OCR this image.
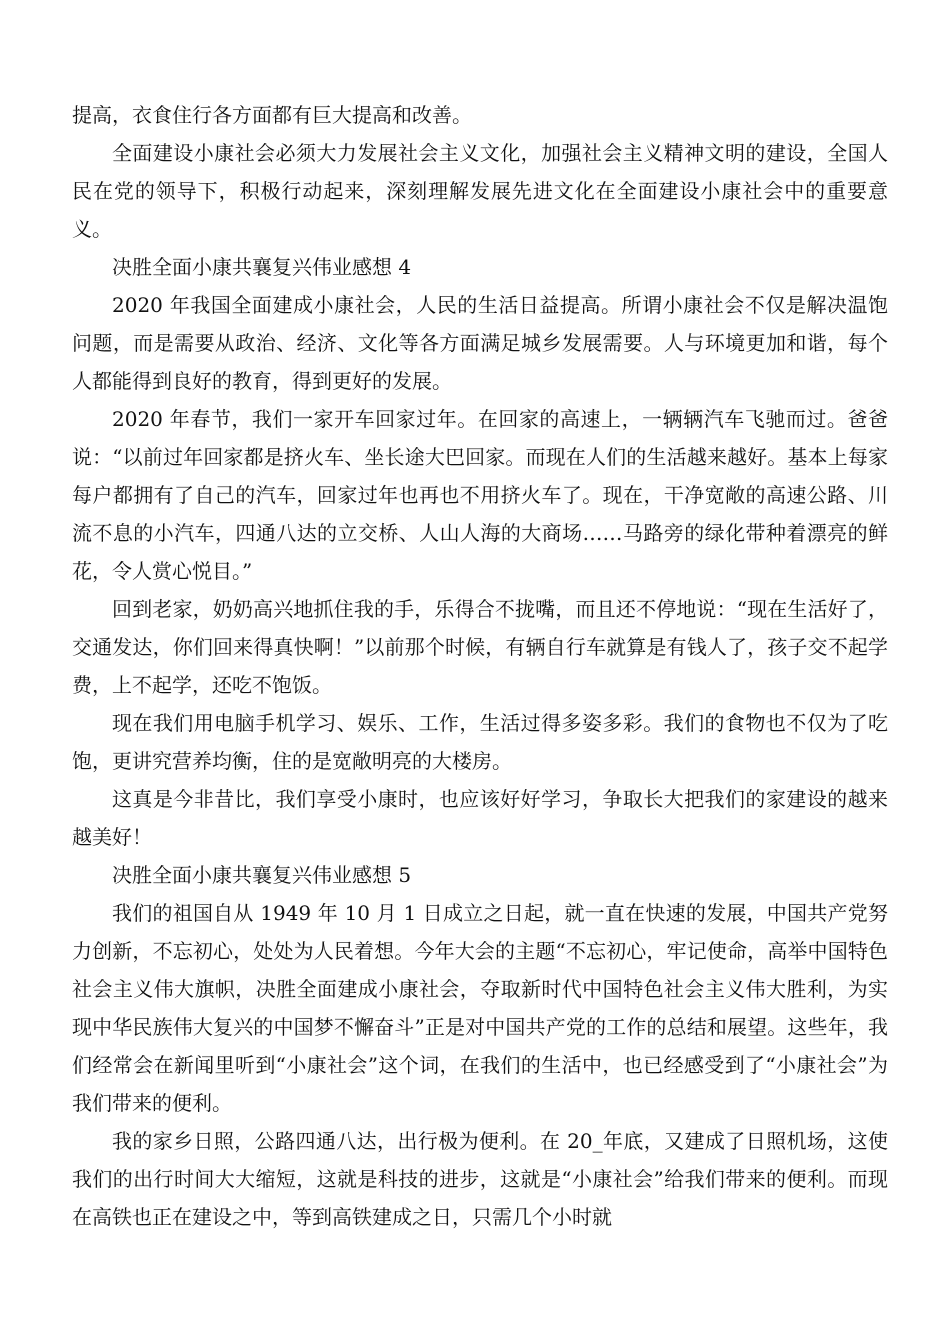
提高，衣食住行各方面都有巨大提高和改善。

全面建设小康社会必须大力发展社会主义文化，加强社会主义精神文明的建设，全国人民在党的领导下，积极行动起来，深刻理解发展先进文化在全面建设小康社会中的重要意义。

决胜全面小康共襄复兴伟业感想 4

2020 年我国全面建成小康社会，人民的生活日益提高。所谓小康社会不仅是解决温饱问题，而是需要从政治、经济、文化等各方面满足城乡发展需要。人与环境更加和谐，每个人都能得到良好的教育，得到更好的发展。

2020 年春节，我们一家开车回家过年。在回家的高速上，一辆辆汽车飞驰而过。爸爸说：“以前过年回家都是挤火车、坐长途大巴回家。而现在人们的生活越来越好。基本上每家每户都拥有了自己的汽车，回家过年也再也不用挤火车了。现在，干净宽敞的高速公路、川流不息的小汽车，四通八达的立交桥、人山人海的大商场……马路旁的绿化带种着漂亮的鲜花，令人赏心悦目。”

回到老家，奶奶高兴地抓住我的手，乐得合不拢嘴，而且还不停地说：“现在生活好了，交通发达，你们回来得真快啊！”以前那个时候，有辆自行车就算是有钱人了，孩子交不起学费，上不起学，还吃不饱饭。

现在我们用电脑手机学习、娱乐、工作，生活过得多姿多彩。我们的食物也不仅为了吃饱，更讲究营养均衡，住的是宽敞明亮的大楼房。

这真是今非昔比，我们享受小康时，也应该好好学习，争取长大把我们的家建设的越来越美好！

决胜全面小康共襄复兴伟业感想 5

我们的祖国自从 1949 年 10 月 1 日成立之日起，就一直在快速的发展，中国共产党努力创新，不忘初心，处处为人民着想。今年大会的主题“不忘初心，牢记使命，高举中国特色社会主义伟大旗帜，决胜全面建成小康社会，夺取新时代中国特色社会主义伟大胜利，为实现中华民族伟大复兴的中国梦不懈奋斗”正是对中国共产党的工作的总结和展望。这些年，我们经常会在新闻里听到“小康社会”这个词，在我们的生活中，也已经感受到了“小康社会”为我们带来的便利。

我的家乡日照，公路四通八达，出行极为便利。在 20_年底，又建成了日照机场，这使我们的出行时间大大缩短，这就是科技的进步，这就是“小康社会”给我们带来的便利。而现在高铁也正在建设之中，等到高铁建成之日，只需几个小时就
